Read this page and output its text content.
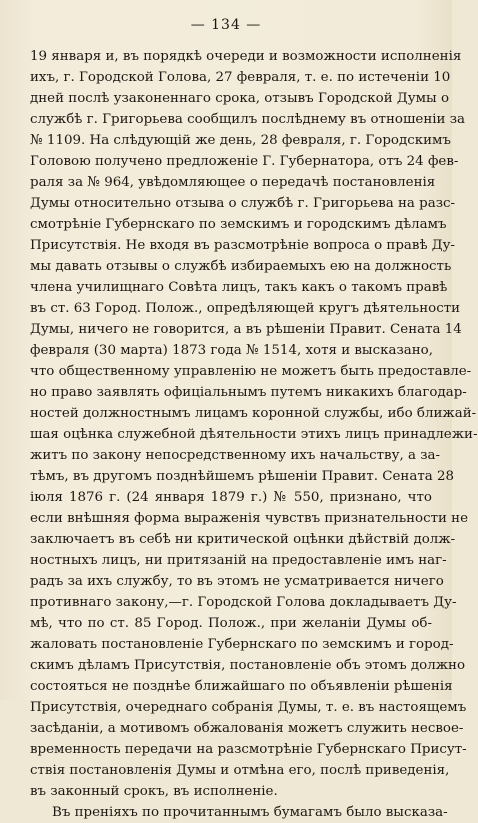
— 134 —
19 января и, въ порядкѣ очереди и возможности исполненія
ихъ, г. Городской Голова, 27 февраля, т. е. по истеченіи 10
дней послѣ узаконеннаго срока, отзывъ Городской Думы о
службѣ г. Григорьева сообщилъ послѣднему въ отношеніи за
№ 1109. На слѣдующій же день, 28 февраля, г. Городскимъ
Головою получено предложеніе Г. Губернатора, отъ 24 фев-
раля за № 964, увѣдомляющее о передачѣ постановленія
Думы относительно отзыва о службѣ г. Григорьева на разс-
смотрѣніе Губернскаго по земскимъ и городскимъ дѣламъ
Присутствія. Не входя въ разсмотрѣніе вопроса о правѣ Ду-
мы давать отзывы о службѣ избираемыхъ ею на должность
члена училищнаго Совѣта лицъ, такъ какъ о такомъ правѣ
въ ст. 63 Город. Полож., опредѣляющей кругъ дѣятельности
Думы, ничего не говорится, а въ рѣшеніи Правит. Сената 14
февраля (30 марта) 1873 года № 1514, хотя и высказано,
что общественному управленію не можетъ быть предоставле-
но право заявлять офиціальнымъ путемъ никакихъ благодар-
ностей должностнымъ лицамъ коронной службы, ибо ближай-
шая оцѣнка служебной дѣятельности этихъ лицъ принадлежи-
житъ по закону непосредственному ихъ начальству, а за-
тѣмъ, въ другомъ позднѣйшемъ рѣшеніи Правит. Сената 28
іюля 1876 г. (24 января 1879 г.) № 550, признано, что
если внѣшняя форма выраженія чувствъ признательности не
заключаетъ въ себѣ ни критической оцѣнки дѣйствій долж-
ностныхъ лицъ, ни притязаній на предоставленіе имъ наг-
радъ за ихъ службу, то въ этомъ не усматривается ничего
противнаго закону,—г. Городской Голова докладываетъ Ду-
мѣ, что по ст. 85 Город. Полож., при желаніи Думы об-
жаловать постановленіе Губернскаго по земскимъ и город-
скимъ дѣламъ Присутствія, постановленіе объ этомъ должно
состояться не позднѣе ближайшаго по объявленіи рѣшенія
Присутствія, очереднаго собранія Думы, т. е. въ настоящемъ
засѣданіи, а мотивомъ обжалованія можетъ служить несвое-
временность передачи на разсмотрѣніе Губернскаго Присут-
ствія постановленія Думы и отмѣна его, послѣ приведенія,
въ законный срокъ, въ исполненіе.
Въ преніяхъ по прочитаннымъ бумагамъ было высказа-
